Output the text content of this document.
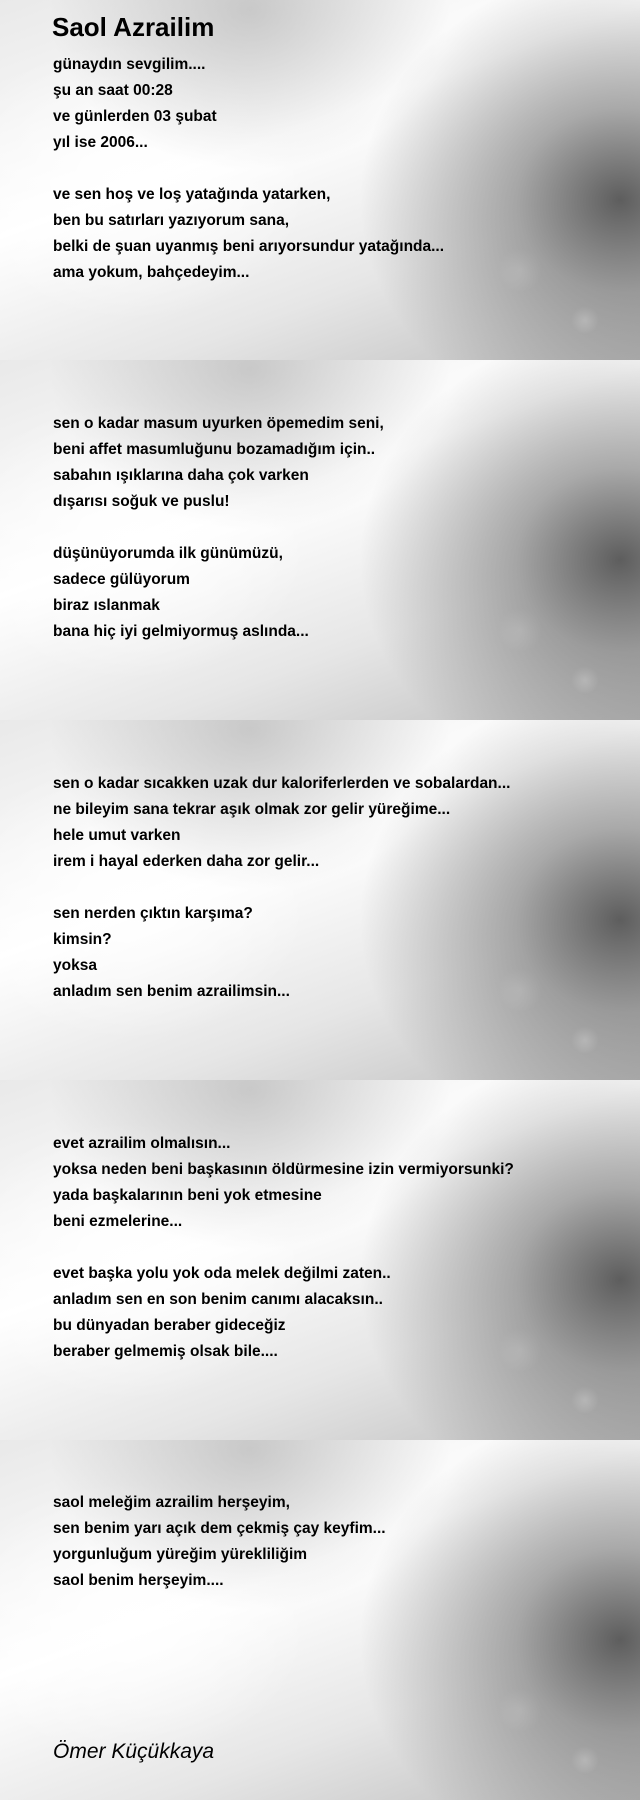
Saol Azrailim
günaydın sevgilim....
şu an saat 00:28
ve günlerden 03 şubat
yıl ise 2006...
ve sen hoş ve loş yatağında yatarken,
ben bu satırları yazıyorum sana,
belki de şuan uyanmış beni arıyorsundur yatağında...
ama yokum, bahçedeyim...
sen o kadar masum uyurken öpemedim seni,
beni affet masumluğunu bozamadığım için..
sabahın ışıklarına daha çok varken
dışarısı soğuk ve puslu!
düşünüyorumda ilk günümüzü,
sadece gülüyorum
biraz ıslanmak
bana hiç iyi gelmiyormuş aslında...
sen o kadar sıcakken uzak dur kaloriferlerden ve sobalardan...
ne bileyim sana tekrar aşık olmak zor gelir yüreğime...
hele umut varken
irem i hayal ederken daha zor gelir...
sen nerden çıktın karşıma?
kimsin?
yoksa
anladım sen benim azrailimsin...
evet azrailim olmalısın...
yoksa neden beni başkasının öldürmesine izin vermiyorsunki?
yada başkalarının beni yok etmesine
beni ezmelerine...
evet başka yolu yok oda melek değilmi zaten..
anladım sen en son benim canımı alacaksın..
bu dünyadan beraber gideceğiz
beraber gelmemiş olsak bile....
saol meleğim azrailim herşeyim,
sen benim yarı açık dem çekmiş çay keyfim...
yorgunluğum yüreğim yürekliliğim
saol benim herşeyim....
Ömer Küçükkaya
